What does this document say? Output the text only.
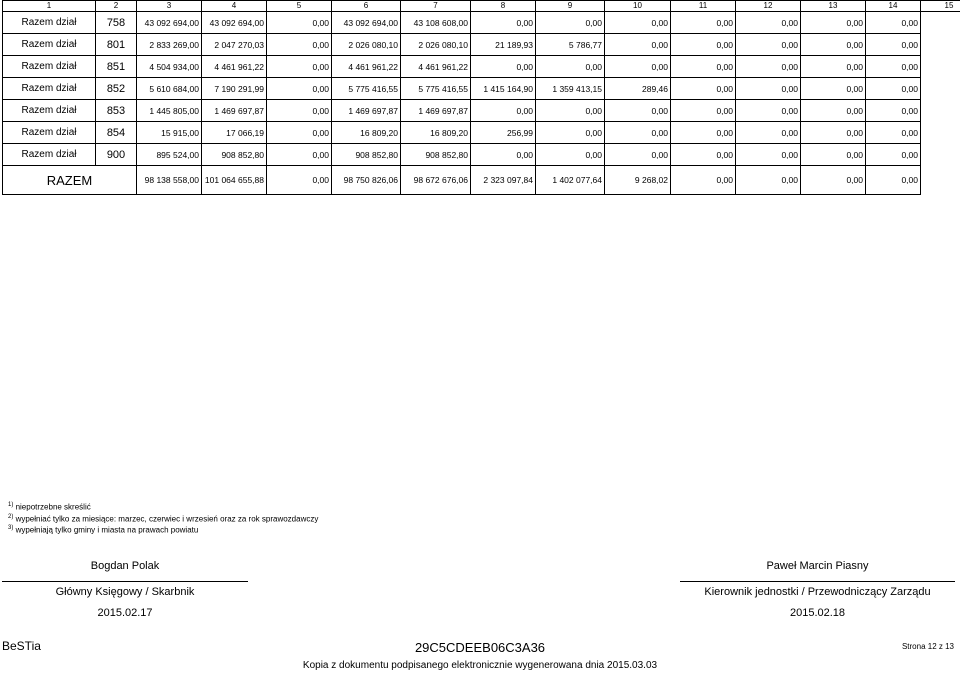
1	2	3	4	5	6	7	8	9	10	11	12	13	14	15
Razem dział	758	43 092 694,00	43 092 694,00	0,00	43 092 694,00	43 108 608,00	0,00	0,00	0,00	0,00	0,00	0,00	0,00	
Razem dział	801	2 833 269,00	2 047 270,03	0,00	2 026 080,10	2 026 080,10	21 189,93	5 786,77	0,00	0,00	0,00	0,00	0,00	
Razem dział	851	4 504 934,00	4 461 961,22	0,00	4 461 961,22	4 461 961,22	0,00	0,00	0,00	0,00	0,00	0,00	0,00	
Razem dział	852	5 610 684,00	7 190 291,99	0,00	5 775 416,55	5 775 416,55	1 415 164,90	1 359 413,15	289,46	0,00	0,00	0,00	0,00	
Razem dział	853	1 445 805,00	1 469 697,87	0,00	1 469 697,87	1 469 697,87	0,00	0,00	0,00	0,00	0,00	0,00	0,00	
Razem dział	854	15 915,00	17 066,19	0,00	16 809,20	16 809,20	256,99	0,00	0,00	0,00	0,00	0,00	0,00	
Razem dział	900	895 524,00	908 852,80	0,00	908 852,80	908 852,80	0,00	0,00	0,00	0,00	0,00	0,00	0,00	
RAZEM		98 138 558,00	101 064 655,88	0,00	98 750 826,06	98 672 676,06	2 323 097,84	1 402 077,64	9 268,02	0,00	0,00	0,00	0,00	
$^{1)}$ niepotrzebne skreślić
$^{2)}$ wypełniać tylko za miesiące: marzec, czerwiec i wrzesień oraz za rok sprawozdawczy
$^{3)}$ wypełniają tylko gminy i miasta na prawach powiatu
Bogdan Polak
Główny Księgowy / Skarbnik
2015.02.17
Paweł Marcin Piasny
Kierownik jednostki / Przewodniczący Zarządu
2015.02.18
BeSTia	29C5CDEEB06C3A36	Strona 12 z 13
Kopia z dokumentu podpisanego elektronicznie wygenerowana dnia 2015.03.03
